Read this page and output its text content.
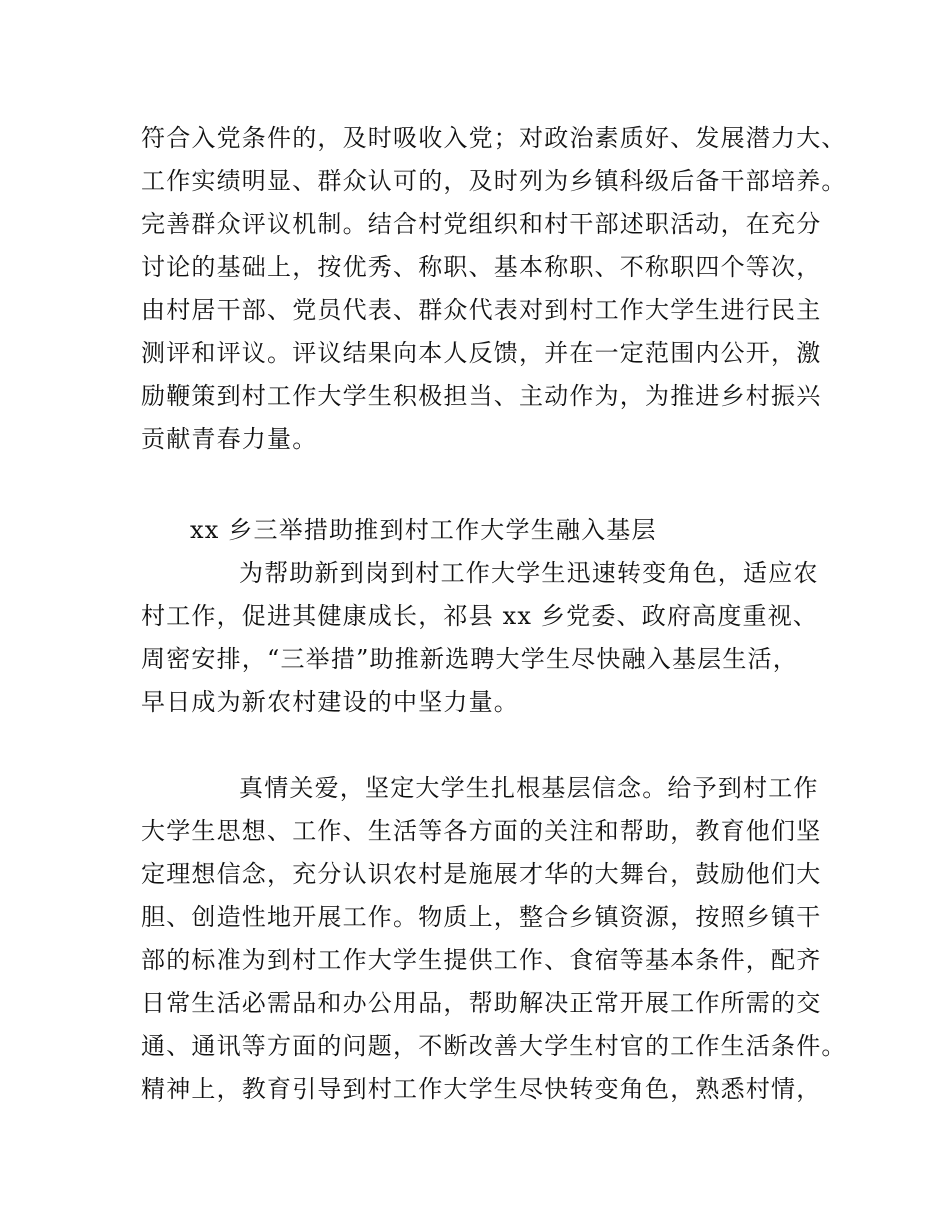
符合入党条件的，及时吸收入党；对政治素质好、发展潜力大、
工作实绩明显、群众认可的，及时列为乡镇科级后备干部培养。
完善群众评议机制。结合村党组织和村干部述职活动，在充分
讨论的基础上，按优秀、称职、基本称职、不称职四个等次，
由村居干部、党员代表、群众代表对到村工作大学生进行民主
测评和评议。评议结果向本人反馈，并在一定范围内公开，激
励鞭策到村工作大学生积极担当、主动作为，为推进乡村振兴
贡献青春力量。
xx 乡三举措助推到村工作大学生融入基层
为帮助新到岗到村工作大学生迅速转变角色，适应农
村工作，促进其健康成长，祁县 xx 乡党委、政府高度重视、
周密安排，“三举措”助推新选聘大学生尽快融入基层生活，
早日成为新农村建设的中坚力量。
真情关爱，坚定大学生扎根基层信念。给予到村工作
大学生思想、工作、生活等各方面的关注和帮助，教育他们坚
定理想信念，充分认识农村是施展才华的大舞台，鼓励他们大
胆、创造性地开展工作。物质上，整合乡镇资源，按照乡镇干
部的标准为到村工作大学生提供工作、食宿等基本条件，配齐
日常生活必需品和办公用品，帮助解决正常开展工作所需的交
通、通讯等方面的问题，不断改善大学生村官的工作生活条件。
精神上，教育引导到村工作大学生尽快转变角色，熟悉村情，
